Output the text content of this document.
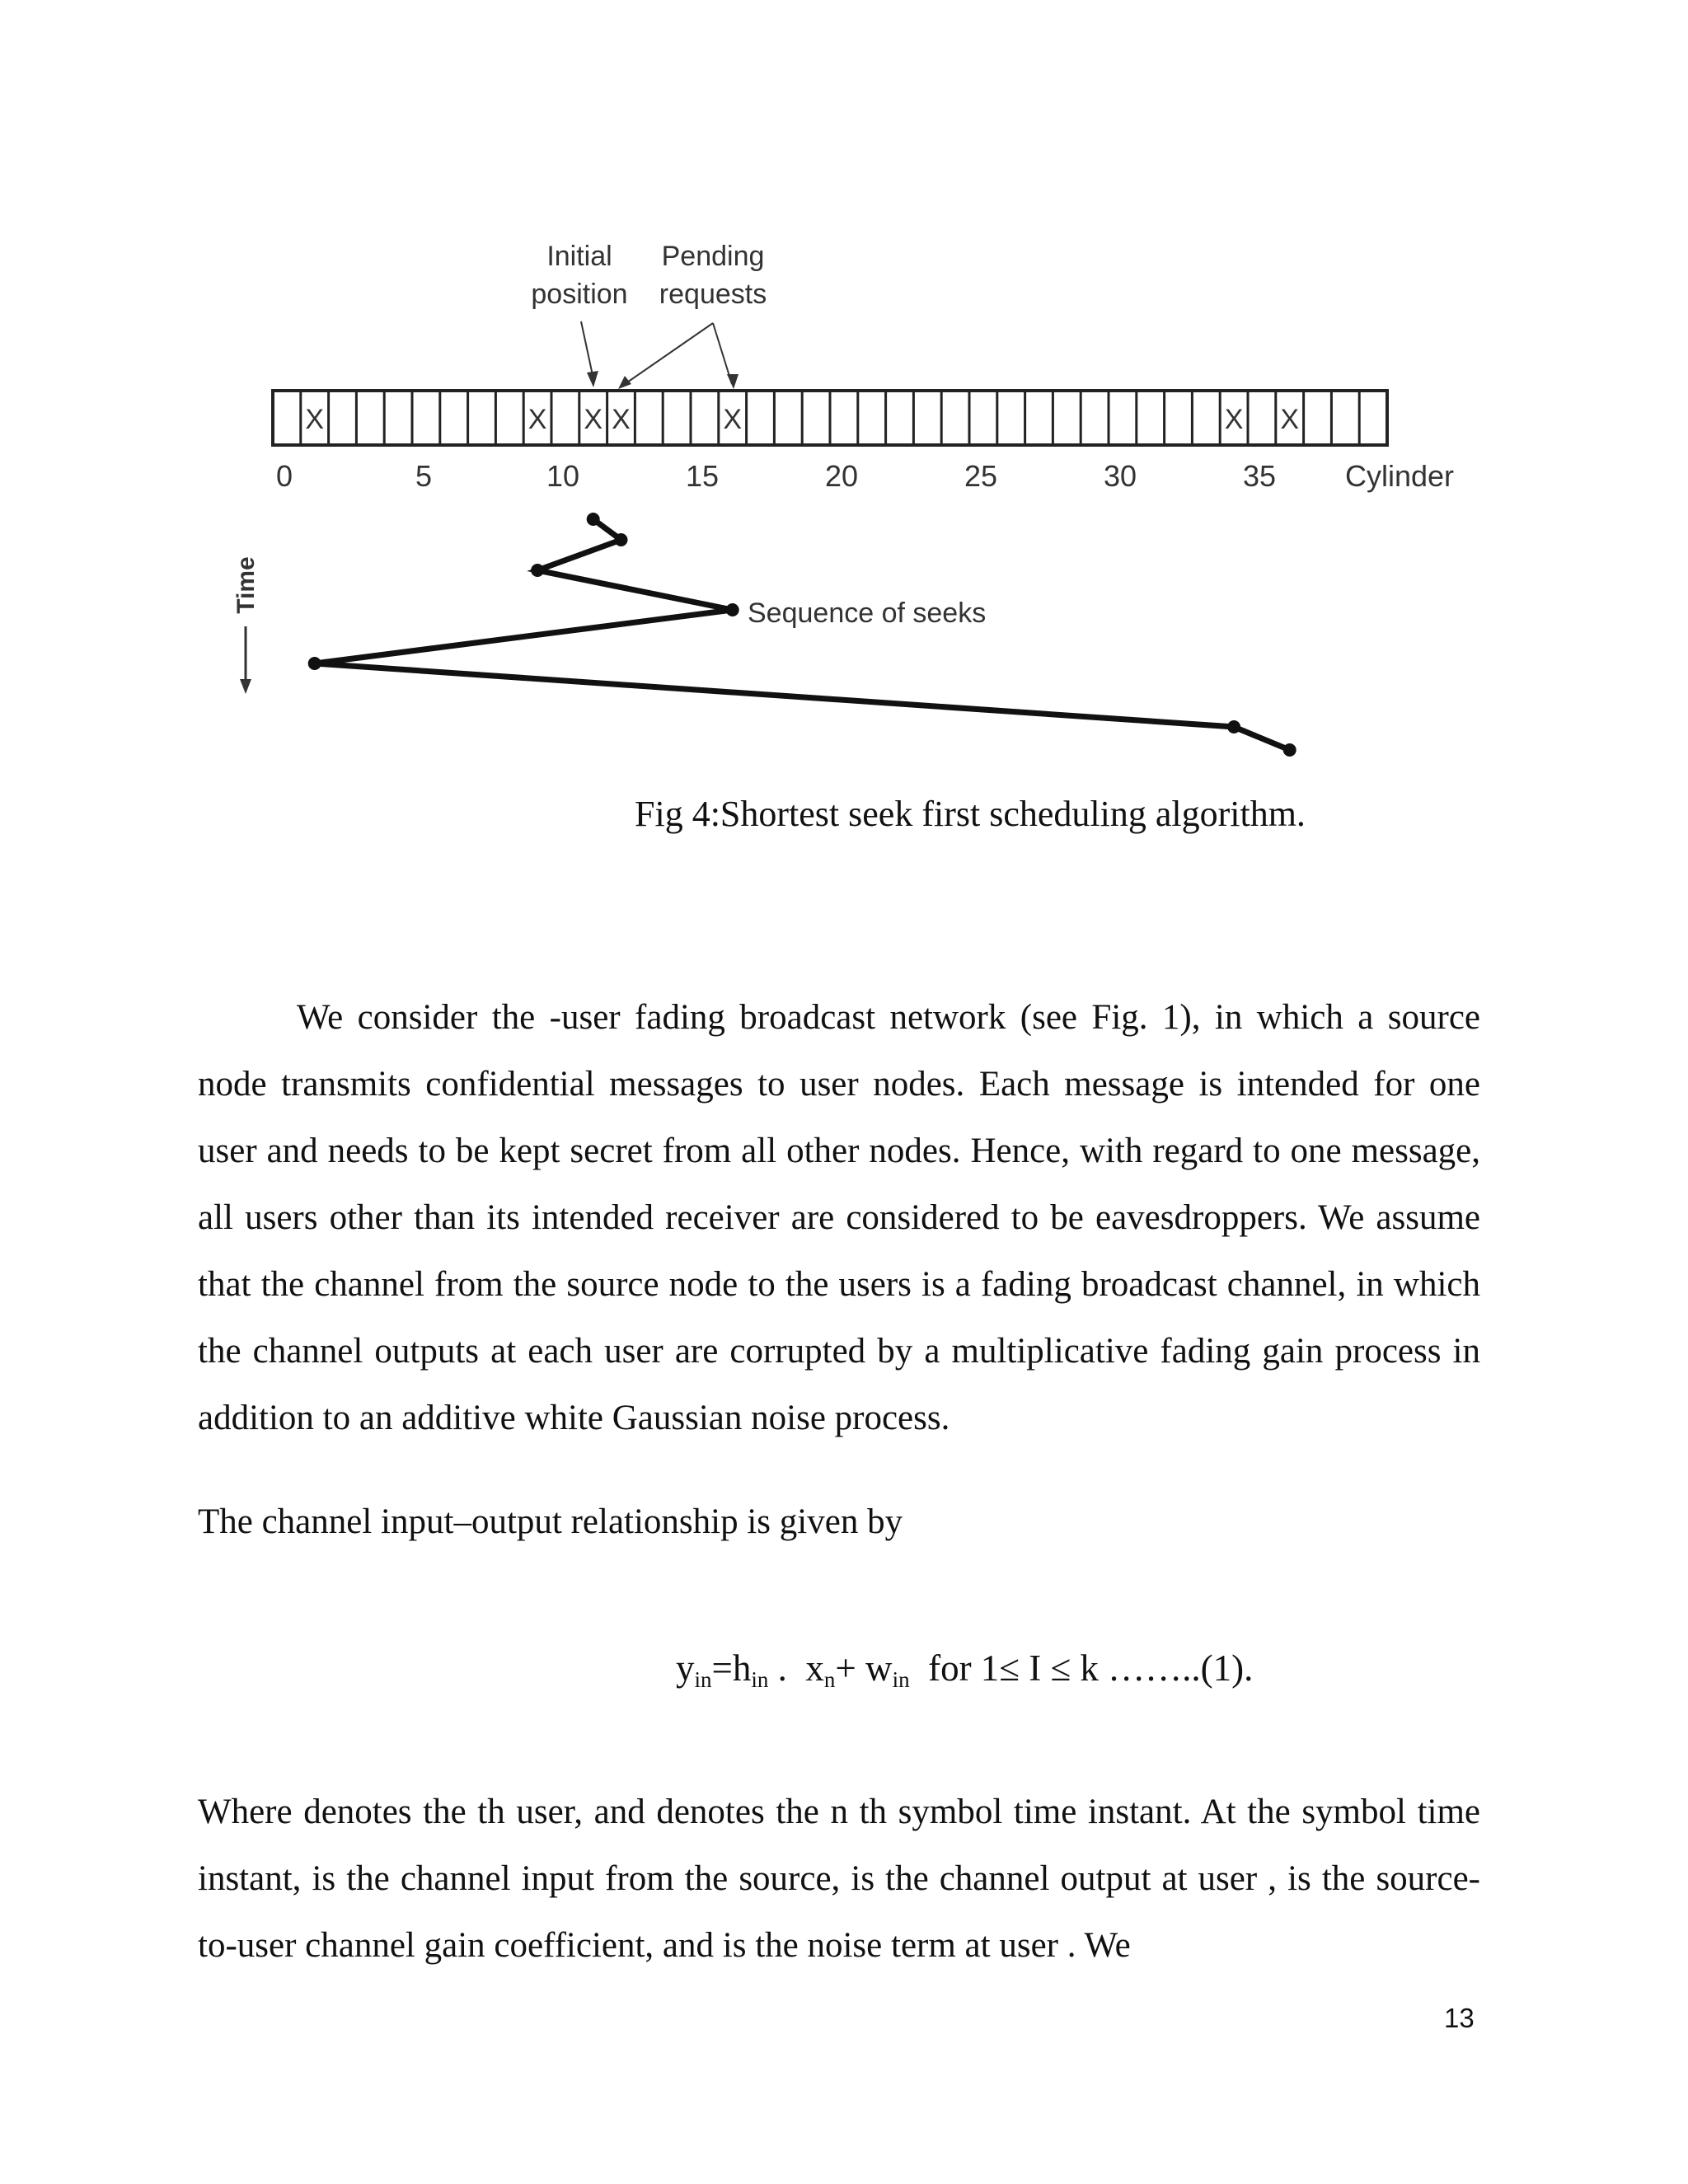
Initial
position
Pending
requests
X	X X X	X	X X
0	5	10	15	20	25	30	35 Cylinder
Time	Sequence of seeks
Fig 4:Shortest seek first scheduling algorithm.

We consider the -user fading broadcast network (see Fig. 1), in which a source node transmits confidential messages to user nodes. Each message is intended for one user and needs to be kept secret from all other nodes. Hence, with regard to one message, all users other than its intended receiver are considered to be eavesdroppers. We assume that the channel from the source node to the users is a fading broadcast channel, in which the channel outputs at each user are corrupted by a multiplicative fading gain process in addition to an additive white Gaussian noise process.

The channel input–output relationship is given by

$y_{in}=h_{in}$ .  $x_n+ w_{in}$ for 1≤ I ≤ k ……..(1).

Where denotes the th user, and denotes the n th symbol time instant. At the symbol time instant, is the channel input from the source, is the channel output at user , is the source-to-user channel gain coefficient, and is the noise term at user . We

13
